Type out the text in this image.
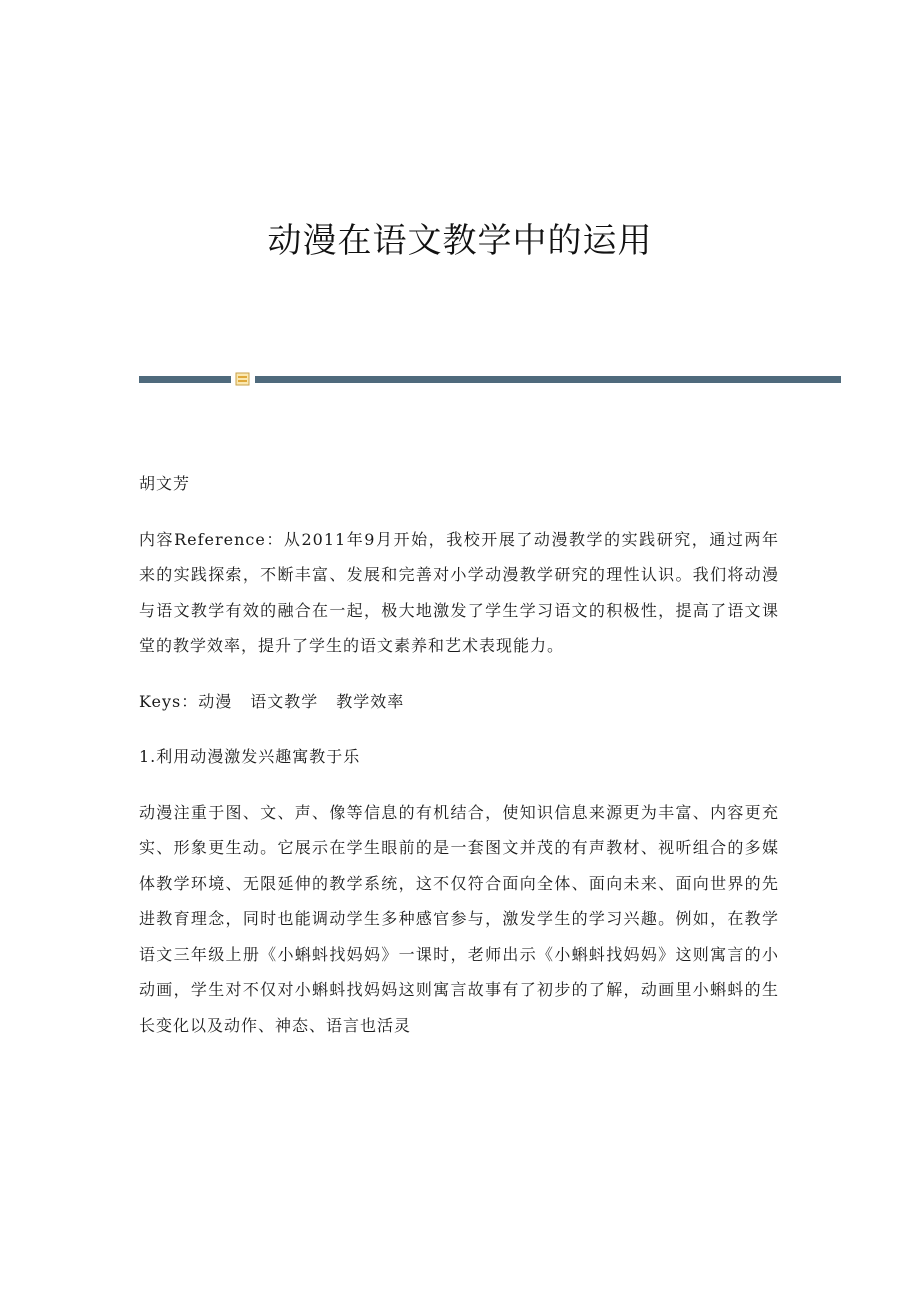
动漫在语文教学中的运用

胡文芳

内容Reference：从2011年9月开始，我校开展了动漫教学的实践研究，通过两年来的实践探索，不断丰富、发展和完善对小学动漫教学研究的理性认识。我们将动漫与语文教学有效的融合在一起，极大地激发了学生学习语文的积极性，提高了语文课堂的教学效率，提升了学生的语文素养和艺术表现能力。

Keys：动漫 语文教学 教学效率

1.利用动漫激发兴趣寓教于乐

动漫注重于图、文、声、像等信息的有机结合，使知识信息来源更为丰富、内容更充实、形象更生动。它展示在学生眼前的是一套图文并茂的有声教材、视听组合的多媒体教学环境、无限延伸的教学系统，这不仅符合面向全体、面向未来、面向世界的先进教育理念，同时也能调动学生多种感官参与，激发学生的学习兴趣。例如，在教学语文三年级上册《小蝌蚪找妈妈》一课时，老师出示《小蝌蚪找妈妈》这则寓言的小动画，学生对不仅对小蝌蚪找妈妈这则寓言故事有了初步的了解，动画里小蝌蚪的生长变化以及动作、神态、语言也活灵
